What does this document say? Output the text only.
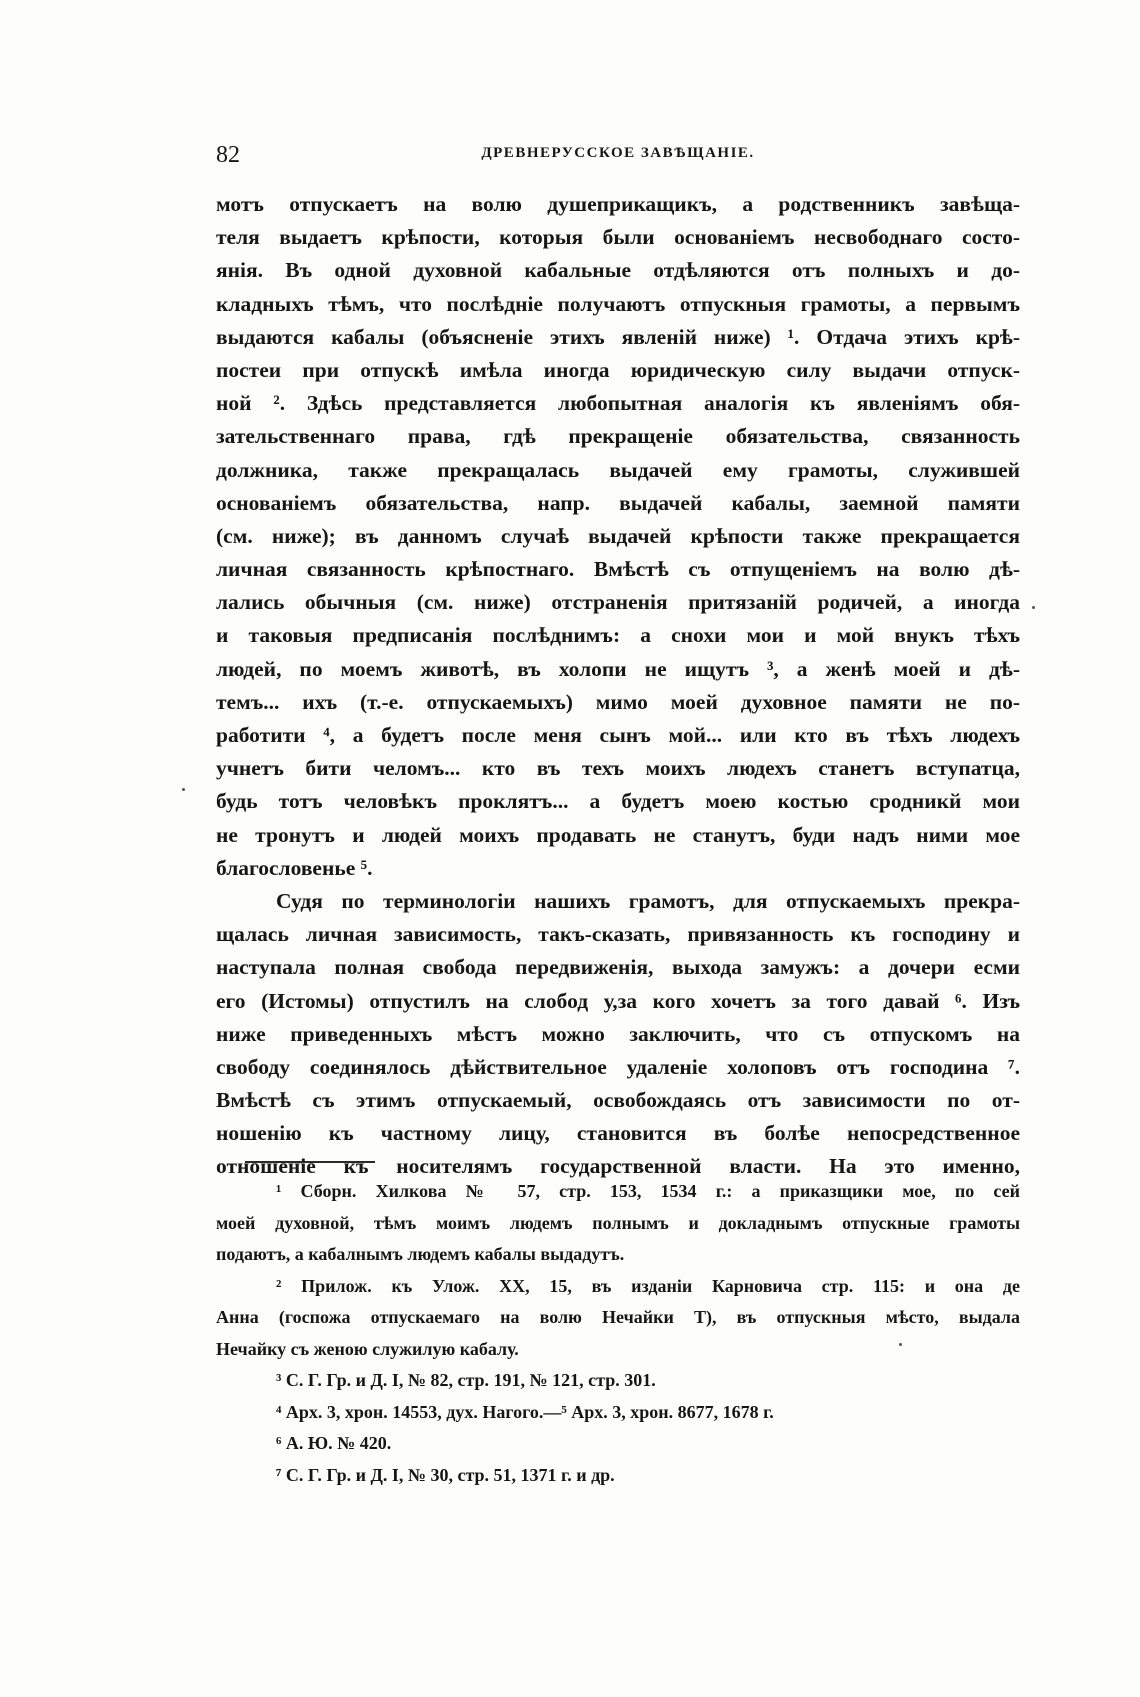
82	ДРЕВНЕРУССКОЕ ЗАВѢЩАНІЕ.
мотъ отпускаетъ на волю душеприкащикъ, а родственникъ завѣща-
теля выдаетъ крѣпости, которыя были основаніемъ несвободнаго состо-
янія. Въ одной духовной кабальные отдѣляются отъ полныхъ и до-
кладныхъ тѣмъ, что послѣдніе получаютъ отпускныя грамоты, а первымъ
выдаются кабалы (объясненіе этихъ явленій ниже) ¹. Отдача этихъ крѣ-
постеи при отпускѣ имѣла иногда юридическую силу выдачи отпуск-
ной ². Здѣсь представляется любопытная аналогія къ явленіямъ обя-
зательственнаго права, гдѣ прекращеніе обязательства, связанность
должника, также прекращалась выдачей ему грамоты, служившей
основаніемъ обязательства, напр. выдачей кабалы, заемной памяти
(см. ниже); въ данномъ случаѣ выдачей крѣпости также прекращается
личная связанность крѣпостнаго. Вмѣстѣ съ отпущеніемъ на волю дѣ-
лались обычныя (см. ниже) отстраненія притязаній родичей, а иногда
и таковыя предписанія послѣднимъ: а снохи мои и мой внукъ тѣхъ
людей, по моемъ животѣ, въ холопи не ищутъ ³, а женѣ моей и дѣ-
темъ... ихъ (т.-е. отпускаемыхъ) мимо моей духовное памяти не по-
работити ⁴, а будетъ после меня сынъ мой... или кто въ тѣхъ людехъ
учнетъ бити челомъ... кто въ техъ моихъ людехъ станетъ вступатца,
будь тотъ человѣкъ проклятъ... а будетъ моею костью сродникй мои
не тронутъ и людей моихъ продавать не станутъ, буди надъ ними мое
благословенье ⁵.
Судя по терминологіи нашихъ грамотъ, для отпускаемыхъ прекра-
щалась личная зависимость, такъ-сказать, привязанность къ господину и
наступала полная свобода передвиженія, выхода замужъ: а дочери есми
его (Истомы) отпустилъ на слобод у,за кого хочетъ за того давай ⁶. Изъ
ниже приведенныхъ мѣстъ можно заключить, что съ отпускомъ на
свободу соединялось дѣйствительное удаленіе холоповъ отъ господина ⁷.
Вмѣстѣ съ этимъ отпускаемый, освобождаясь отъ зависимости по от-
ношенію къ частному лицу, становится въ болѣе непосредственное
отношеніе къ носителямъ государственной власти. На это именно,
¹ Сборн. Хилкова № 57, стр. 153, 1534 г.: а приказщики мое, по сей
моей духовной, тѣмъ моимъ людемъ полнымъ и докладнымъ отпускные грамоты
подаютъ, а кабалнымъ людемъ кабалы выдадутъ.
² Прилож. къ Улож. XX, 15, въ изданіи Карновича стр. 115: и она де
Анна (госпожа отпускаемаго на волю Нечайки Т), въ отпускныя мѣсто, выдала
Нечайку съ женою служилую кабалу.
³ С. Г. Гр. и Д. I, № 82, стр. 191, № 121, стр. 301.
⁴ Арх. 3, хрон. 14553, дух. Нагого.—⁵ Арх. 3, хрон. 8677, 1678 г.
⁶ А. Ю. № 420.
⁷ С. Г. Гр. и Д. I, № 30, стр. 51, 1371 г. и др.
